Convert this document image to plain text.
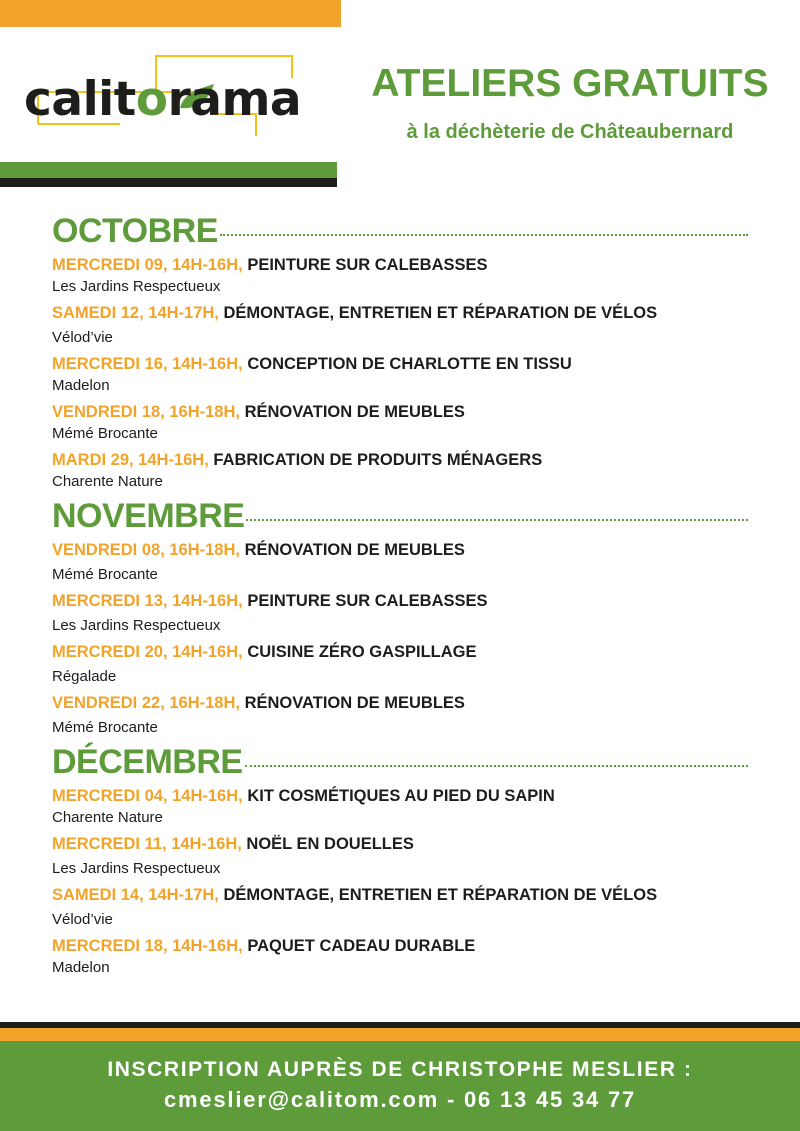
calitorama	ATELIERS GRATUITS
à la déchèterie de Châteaubernard
OCTOBRE
MERCREDI 09, 14H-16H, PEINTURE SUR CALEBASSES
Les Jardins Respectueux
SAMEDI 12, 14H-17H, DÉMONTAGE, ENTRETIEN ET RÉPARATION DE VÉLOS
Vélod’vie
MERCREDI 16, 14H-16H, CONCEPTION DE CHARLOTTE EN TISSU
Madelon
VENDREDI 18, 16H-18H, RÉNOVATION DE MEUBLES
Mémé Brocante
MARDI 29, 14H-16H, FABRICATION DE PRODUITS MÉNAGERS
Charente Nature
NOVEMBRE
VENDREDI 08, 16H-18H, RÉNOVATION DE MEUBLES
Mémé Brocante
MERCREDI 13, 14H-16H, PEINTURE SUR CALEBASSES
Les Jardins Respectueux
MERCREDI 20, 14H-16H, CUISINE ZÉRO GASPILLAGE
Régalade
VENDREDI 22, 16H-18H, RÉNOVATION DE MEUBLES
Mémé Brocante
DÉCEMBRE
MERCREDI 04, 14H-16H, KIT COSMÉTIQUES AU PIED DU SAPIN
Charente Nature
MERCREDI 11, 14H-16H, NOËL EN DOUELLES
Les Jardins Respectueux
SAMEDI 14, 14H-17H, DÉMONTAGE, ENTRETIEN ET RÉPARATION DE VÉLOS
Vélod’vie
MERCREDI 18, 14H-16H, PAQUET CADEAU DURABLE
Madelon
INSCRIPTION AUPRÈS DE CHRISTOPHE MESLIER :
cmeslier@calitom.com - 06 13 45 34 77
